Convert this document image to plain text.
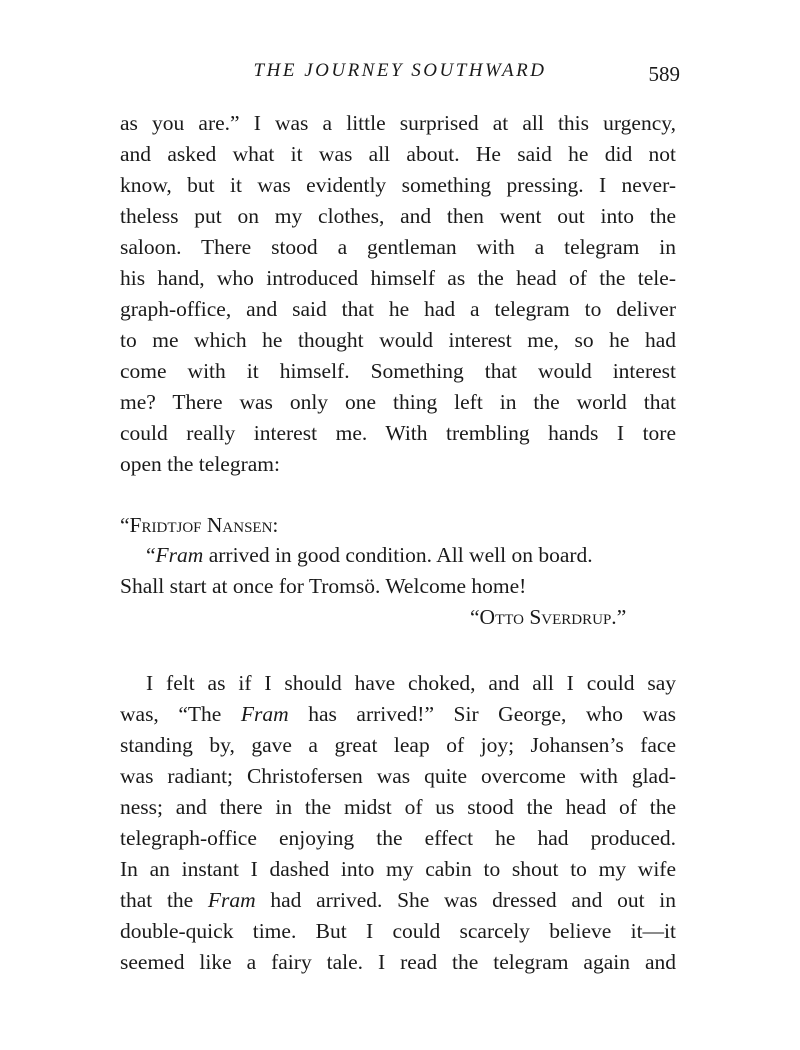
THE JOURNEY SOUTHWARD	589
as you are.” I was a little surprised at all this urgency,
and asked what it was all about. He said he did not
know, but it was evidently something pressing. I never-
theless put on my clothes, and then went out into the
saloon. There stood a gentleman with a telegram in
his hand, who introduced himself as the head of the tele-
graph-office, and said that he had a telegram to deliver
to me which he thought would interest me, so he had
come with it himself. Something that would interest
me? There was only one thing left in the world that
could really interest me. With trembling hands I tore
open the telegram:
“Fridtjof Nansen:
“Fram arrived in good condition. All well on board.
Shall start at once for Tromsö. Welcome home!
“Otto Sverdrup.”
I felt as if I should have choked, and all I could say
was, “The Fram has arrived!” Sir George, who was
standing by, gave a great leap of joy; Johansen’s face
was radiant; Christofersen was quite overcome with glad-
ness; and there in the midst of us stood the head of the
telegraph-office enjoying the effect he had produced.
In an instant I dashed into my cabin to shout to my wife
that the Fram had arrived. She was dressed and out in
double-quick time. But I could scarcely believe it—it
seemed like a fairy tale. I read the telegram again and
